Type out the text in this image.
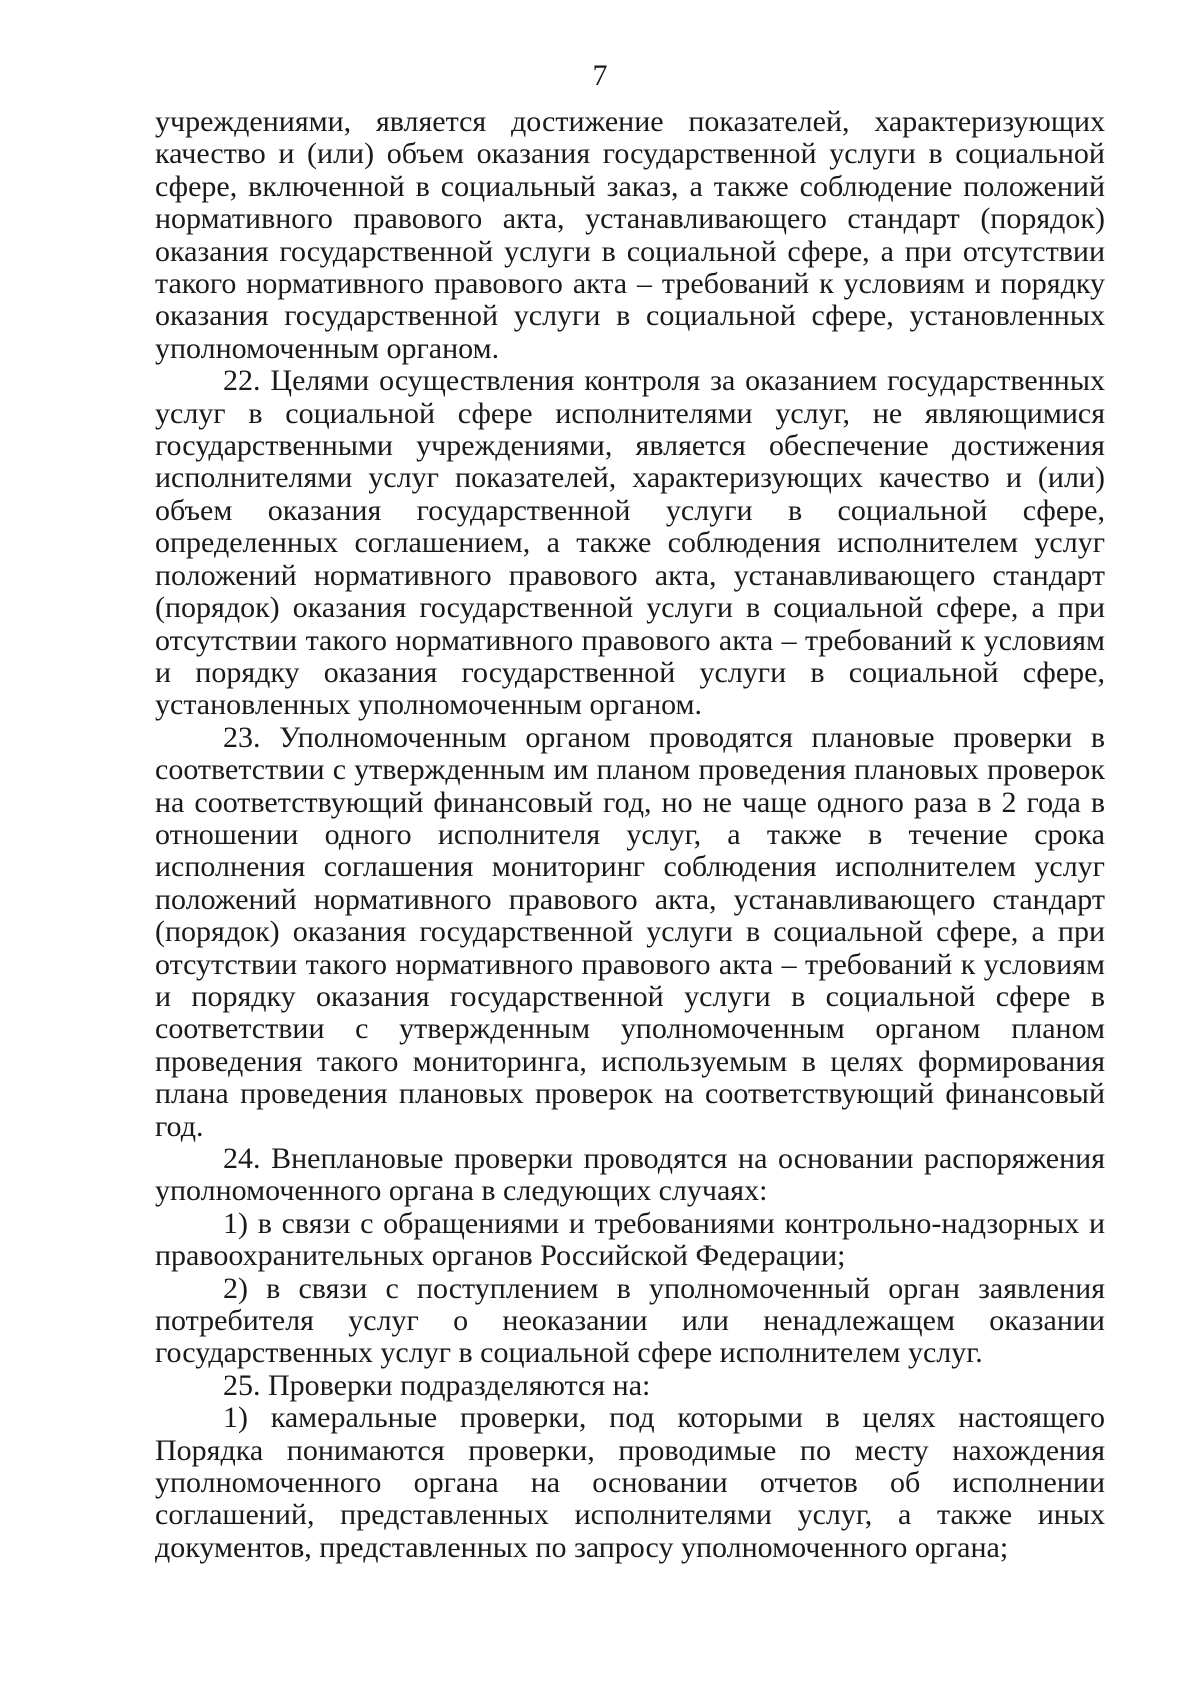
7

учреждениями, является достижение показателей, характеризующих качество и (или) объем оказания государственной услуги в социальной сфере, включенной в социальный заказ, а также соблюдение положений нормативного правового акта, устанавливающего стандарт (порядок) оказания государственной услуги в социальной сфере, а при отсутствии такого нормативного правового акта – требований к условиям и порядку оказания государственной услуги в социальной сфере, установленных уполномоченным органом.

22. Целями осуществления контроля за оказанием государственных услуг в социальной сфере исполнителями услуг, не являющимися государственными учреждениями, является обеспечение достижения исполнителями услуг показателей, характеризующих качество и (или) объем оказания государственной услуги в социальной сфере, определенных соглашением, а также соблюдения исполнителем услуг положений нормативного правового акта, устанавливающего стандарт (порядок) оказания государственной услуги в социальной сфере, а при отсутствии такого нормативного правового акта – требований к условиям и порядку оказания государственной услуги в социальной сфере, установленных уполномоченным органом.

23. Уполномоченным органом проводятся плановые проверки в соответствии с утвержденным им планом проведения плановых проверок на соответствующий финансовый год, но не чаще одного раза в 2 года в отношении одного исполнителя услуг, а также в течение срока исполнения соглашения мониторинг соблюдения исполнителем услуг положений нормативного правового акта, устанавливающего стандарт (порядок) оказания государственной услуги в социальной сфере, а при отсутствии такого нормативного правового акта – требований к условиям и порядку оказания государственной услуги в социальной сфере в соответствии с утвержденным уполномоченным органом планом проведения такого мониторинга, используемым в целях формирования плана проведения плановых проверок на соответствующий финансовый год.

24. Внеплановые проверки проводятся на основании распоряжения уполномоченного органа в следующих случаях:

1) в связи с обращениями и требованиями контрольно-надзорных и правоохранительных органов Российской Федерации;

2) в связи с поступлением в уполномоченный орган заявления потребителя услуг о неоказании или ненадлежащем оказании государственных услуг в социальной сфере исполнителем услуг.

25. Проверки подразделяются на:

1) камеральные проверки, под которыми в целях настоящего Порядка понимаются проверки, проводимые по месту нахождения уполномоченного органа на основании отчетов об исполнении соглашений, представленных исполнителями услуг, а также иных документов, представленных по запросу уполномоченного органа;
